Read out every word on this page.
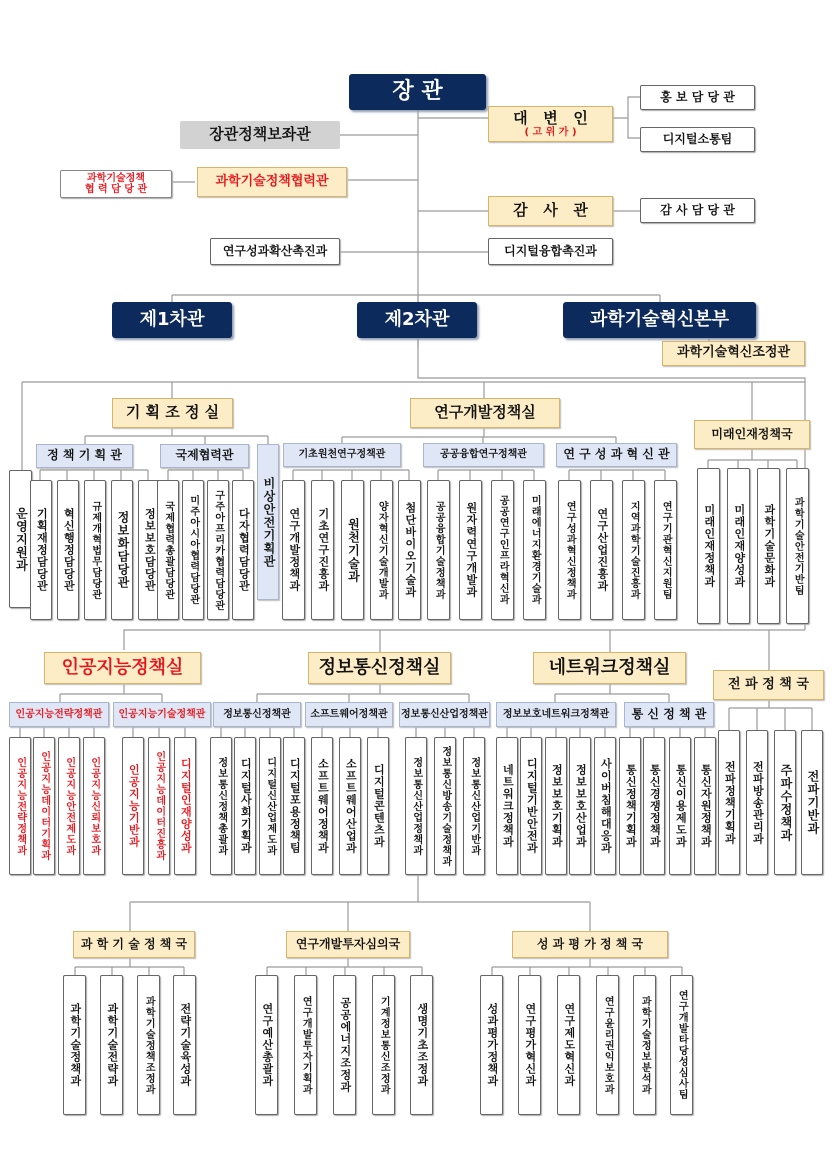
장 관
장관정책보좌관
대   변   인
( 고 위 가 )
홍 보 담 당 관
디지털소통팀
과학기술정책
협 력 담 당 관
과학기술정책협력관
감   사   관	감 사 담 당 관
연구성과확산촉진과	디지털융합촉진과
제1차관	제2차관	과학기술혁신본부
과학기술혁신조정관
기 획 조 정 실
운영지원과
정 책 기 획 관
기획재정담당관	혁신행정담당관	규제개혁법무담당관	정보화담당관	정보보호담당관
국제협력관
국제협력총괄담당관	미주아시아협력담당관	구주아프리카협력담당관	다자협력담당관 비상안전기획관
연구개발정책실
기초원천연구정책관	공공융합연구정책관	연 구 성 과 혁 신 관
연구개발정책과	기초연구진흥과	원천기술과	양자혁신기술개발과	첨단바이오기술과	공공융합기술정책과	원자력연구개발과	공공연구인프라혁신과	미래에너지환경기술과	연구성과혁신정책과	연구산업진흥과	지역과학기술진흥과	연구기관혁신지원팀
미래인재정책국
미래인재정책과	미래인재양성과	과학기술문화과	과학기술안전기반팀
인공지능정책실
인공지능전략정책관	인공지능기술정책관
인공지능전략정책과	인공지능데이터기획과	인공지능안전제도과	인공지능신뢰보호과	인공지능기반과	인공지능데이터진흥과	디지털인재양성과
정보통신정책실
정보통신정책관	소프트웨어정책관	정보통신산업정책관
정보통신정책총괄과	디지털사회기획과	디지털신산업제도과	디지털포용정책팀	소프트웨어정책과	소프트웨어산업과	디지털콘텐츠과	정보통신산업정책과	정보통신방송기술정책과	정보통신산업기반과
네트워크정책실
정보보호네트워크정책관	통 신 정 책 관
네트워크정책과	디지털기반안전과	정보보호기획과	정보보호산업과	사이버침해대응과	통신정책기획과	통신경쟁정책과	통신이용제도과	통신자원정책과
전 파 정 책 국
전파정책기획과	전파방송관리과	주파수정책과	전파기반과
과 학 기 술 정 책 국	연구개발투자심의국	성 과 평 가 정 책 국
과학기술정책과	과학기술전략과	과학기술정책조정과	전략기술육성과	연구예산총괄과	연구개발투자기획과	공공에너지조정과	기계정보통신조정과	생명기초조정과	성과평가정책과	연구평가혁신과	연구제도혁신과	연구윤리권익보호과	과학기술정보분석과	연구개발타당성심사팀
